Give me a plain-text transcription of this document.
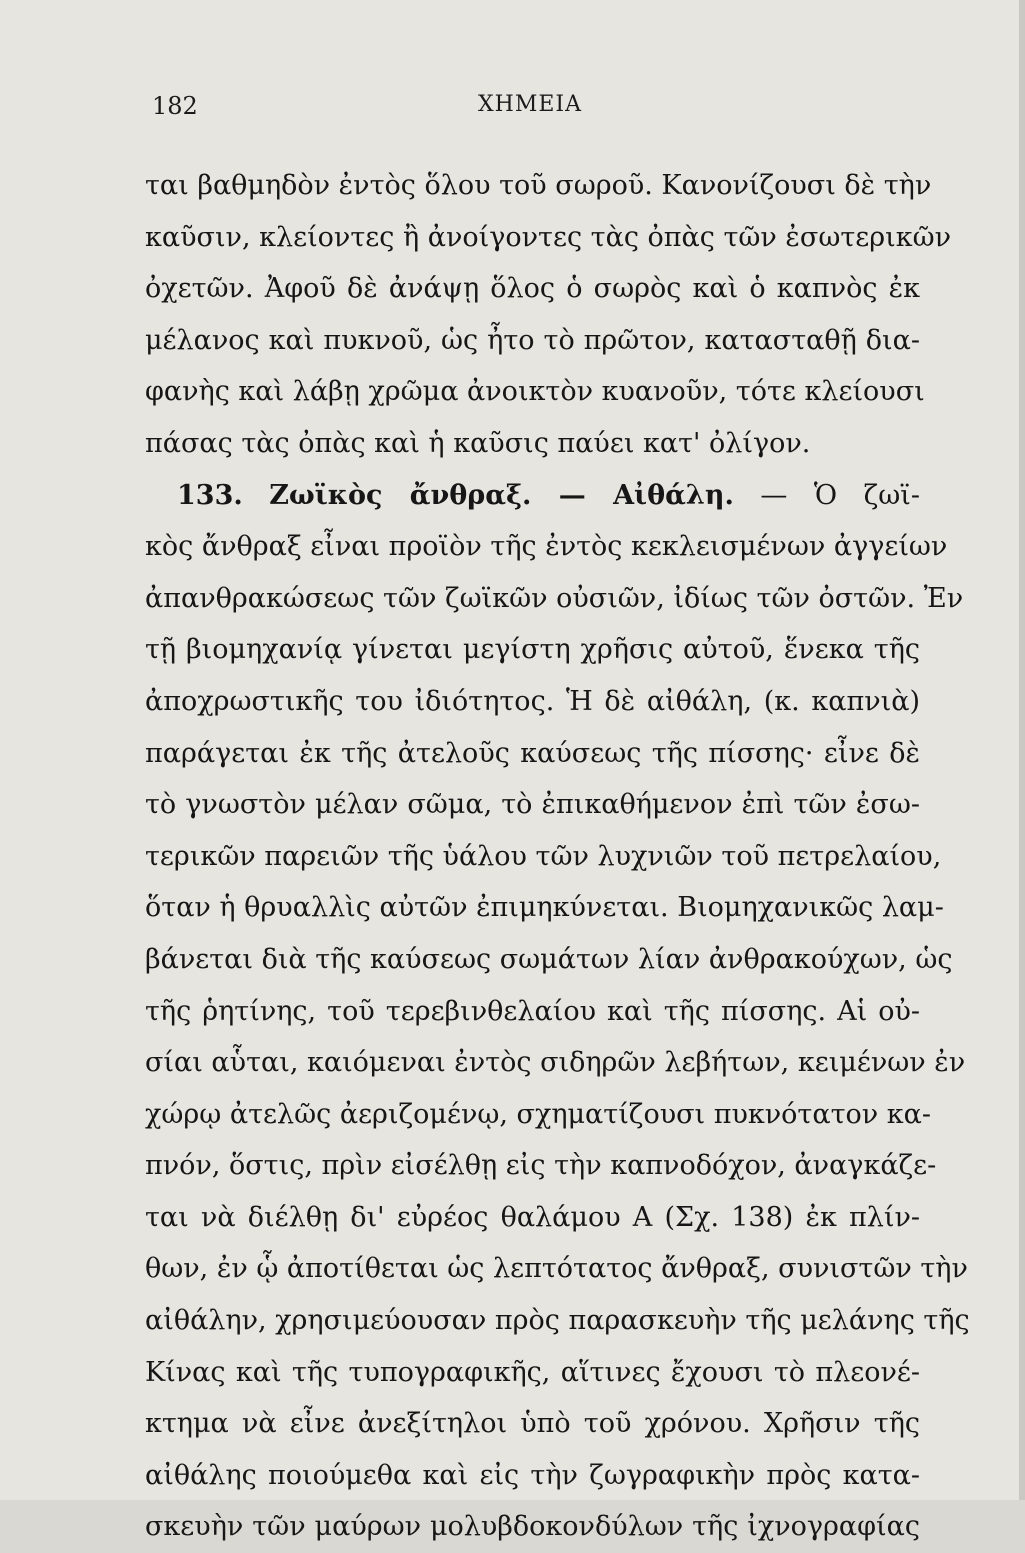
182	ΧΗΜΕΙΑ
ται βαθμηδὸν ἐντὸς ὅλου τοῦ σωροῦ. Κανονίζουσι δὲ τὴν
καῦσιν, κλείοντες ἢ ἀνοίγοντες τὰς ὀπὰς τῶν ἐσωτερικῶν
ὀχετῶν. Ἀφοῦ δὲ ἀνάψῃ ὅλος ὁ σωρὸς καὶ ὁ καπνὸς ἐκ
μέλανος καὶ πυκνοῦ, ὡς ἦτο τὸ πρῶτον, κατασταθῇ δια-
φανὴς καὶ λάβῃ χρῶμα ἀνοικτὸν κυανοῦν, τότε κλείουσι
πάσας τὰς ὀπὰς καὶ ἡ καῦσις παύει κατ' ὀλίγον.
133. Ζωϊκὸς ἄνθραξ. — Αἰθάλη. — Ὁ ζωϊ-
κὸς ἄνθραξ εἶναι προϊὸν τῆς ἐντὸς κεκλεισμένων ἀγγείων
ἀπανθρακώσεως τῶν ζωϊκῶν οὐσιῶν, ἰδίως τῶν ὀστῶν. Ἐν
τῇ βιομηχανίᾳ γίνεται μεγίστη χρῆσις αὐτοῦ, ἕνεκα τῆς
ἀποχρωστικῆς του ἰδιότητος. Ἡ δὲ αἰθάλη, (κ. καπνιὰ)
παράγεται ἐκ τῆς ἀτελοῦς καύσεως τῆς πίσσης· εἶνε δὲ
τὸ γνωστὸν μέλαν σῶμα, τὸ ἐπικαθήμενον ἐπὶ τῶν ἐσω-
τερικῶν παρειῶν τῆς ὑάλου τῶν λυχνιῶν τοῦ πετρελαίου,
ὅταν ἡ θρυαλλὶς αὐτῶν ἐπιμηκύνεται. Βιομηχανικῶς λαμ-
βάνεται διὰ τῆς καύσεως σωμάτων λίαν ἀνθρακούχων, ὡς
τῆς ῥητίνης, τοῦ τερεβινθελαίου καὶ τῆς πίσσης. Αἱ οὐ-
σίαι αὗται, καιόμεναι ἐντὸς σιδηρῶν λεβήτων, κειμένων ἐν
χώρῳ ἀτελῶς ἀεριζομένῳ, σχηματίζουσι πυκνότατον κα-
πνόν, ὅστις, πρὶν εἰσέλθῃ εἰς τὴν καπνοδόχον, ἀναγκάζε-
ται νὰ διέλθῃ δι' εὐρέος θαλάμου Α (Σχ. 138) ἐκ πλίν-
θων, ἐν ᾧ ἀποτίθεται ὡς λεπτότατος ἄνθραξ, συνιστῶν τὴν
αἰθάλην, χρησιμεύουσαν πρὸς παρασκευὴν τῆς μελάνης τῆς
Κίνας καὶ τῆς τυπογραφικῆς, αἵτινες ἔχουσι τὸ πλεονέ-
κτημα νὰ εἶνε ἀνεξίτηλοι ὑπὸ τοῦ χρόνου. Χρῆσιν τῆς
αἰθάλης ποιούμεθα καὶ εἰς τὴν ζωγραφικὴν πρὸς κατα-
σκευὴν τῶν μαύρων μολυβδοκονδύλων τῆς ἰχνογραφίας
